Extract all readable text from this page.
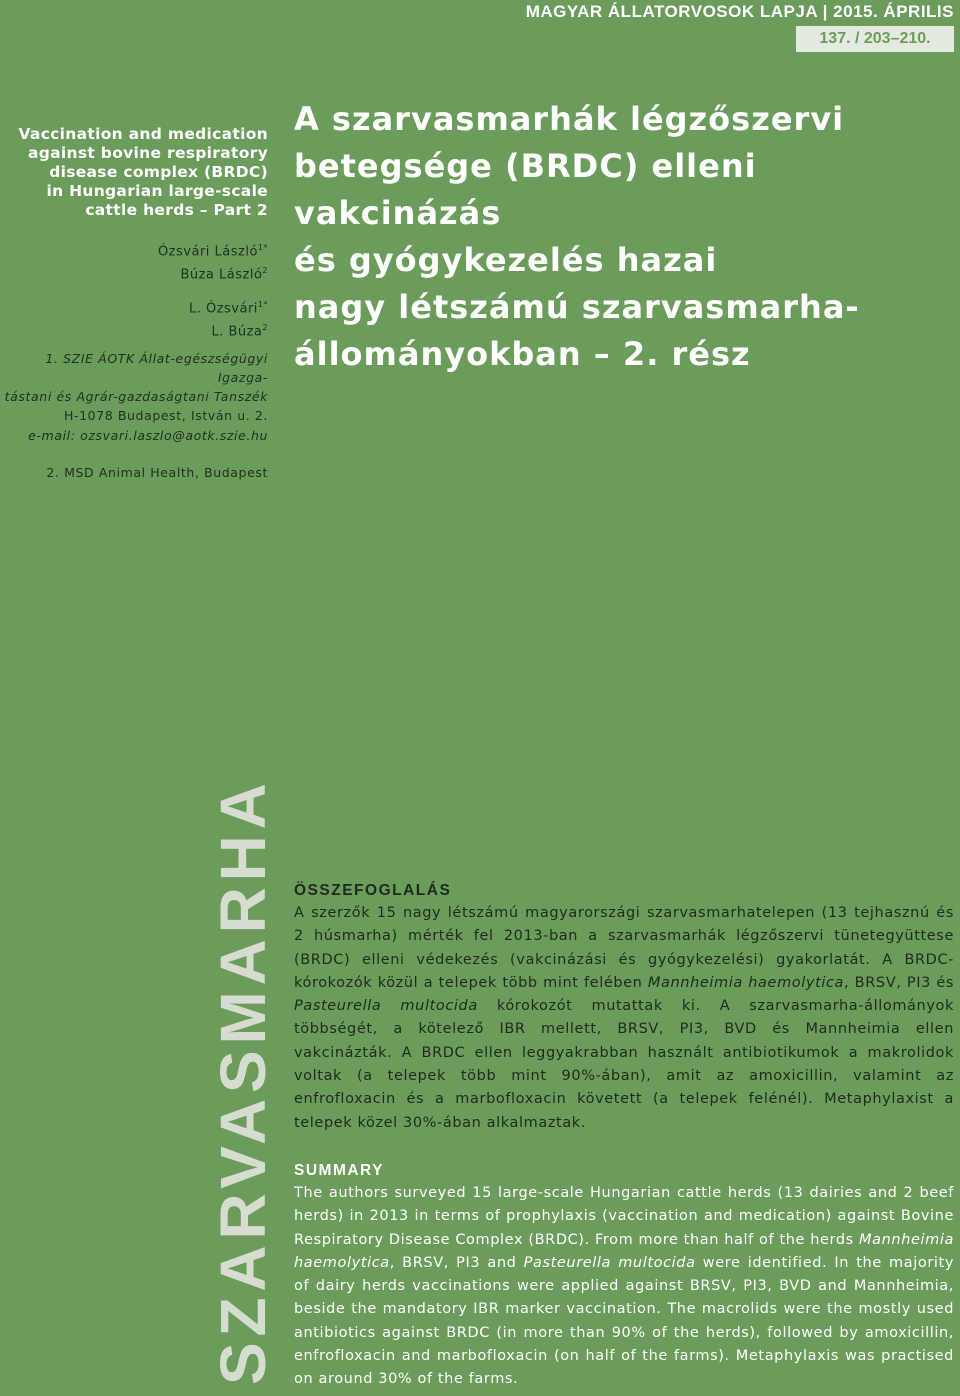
MAGYAR ÁLLATORVOSOK LAPJA | 2015. ÁPRILIS
137. / 203–210.
Vaccination and medication
against bovine respiratory
disease complex (BRDC)
in Hungarian large-scale
cattle herds – Part 2
A szarvasmarhák légzőszervi
betegsége (BRDC) elleni vakcinázás
és gyógykezelés hazai
nagy létszámú szarvasmarha-
állományokban – 2. rész
Ózsvári László$^{1*}$
Búza László$^2$
L. Ózsvári$^{1*}$
L. Búza$^2$
1. SZIE ÁOTK Állat-egészségügyi Igazga-
tástani és Agrár-gazdaságtani Tanszék
H-1078 Budapest, István u. 2.
e-mail: ozsvari.laszlo@aotk.szie.hu
2. MSD Animal Health, Budapest
SZARVASMARHA ÖSSZEFOGLALÁS

A szerzők 15 nagy létszámú magyarországi szarvasmarhatelepen (13 tejhasznú és 2 húsmarha) mérték fel 2013-ban a szarvasmarhák légzőszervi tünetegyüttese (BRDC) elleni védekezés (vakcinázási és gyógykezelési) gyakorlatát. A BRDC-kórokozók közül a telepek több mint felében Mannheimia haemolytica, BRSV, PI3 és Pasteurella multocida kórokozót mutattak ki. A szarvasmarha-állományok többségét, a kötelező IBR mellett, BRSV, PI3, BVD és Mannheimia ellen vakcinázták. A BRDC ellen leggyakrabban használt antibiotikumok a makrolidok voltak (a telepek több mint 90%-ában), amit az amoxicillin, valamint az enfrofloxacin és a marbofloxacin követett (a telepek felénél). Metaphylaxist a telepek közel 30%-ában alkalmaztak.

SUMMARY

The authors surveyed 15 large-scale Hungarian cattle herds (13 dairies and 2 beef herds) in 2013 in terms of prophylaxis (vaccination and medication) against Bovine Respiratory Disease Complex (BRDC). From more than half of the herds Mannheimia haemolytica, BRSV, PI3 and Pasteurella multocida were identified. In the majority of dairy herds vaccinations were applied against BRSV, PI3, BVD and Mannheimia, beside the mandatory IBR marker vaccination. The macrolids were the mostly used antibiotics against BRDC (in more than 90% of the herds), followed by amoxicillin, enfrofloxacin and marbofloxacin (on half of the farms). Metaphylaxis was practised on around 30% of the farms.
